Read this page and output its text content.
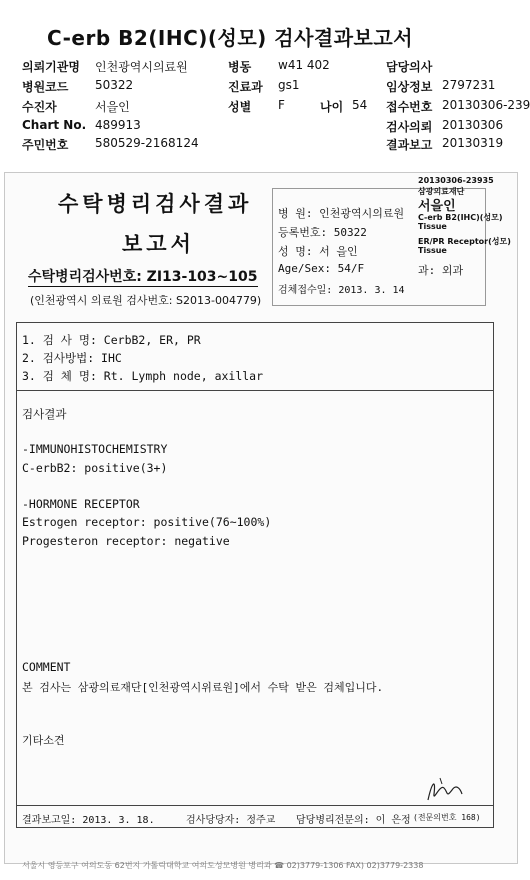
C-erb B2(IHC)(성모) 검사결과보고서
의뢰기관명 인천광역시의료원	병동 w41 402	담당의사
병원코드 50322	진료과 gs1	임상정보 2797231
수진자	서을인	성별 F	나이 54 접수번호 20130306-239
Chart No. 489913	검사의뢰 20130306
주민번호 580529-2168124	결과보고 20130319
수탁병리검사결과
보고서
수탁병리검사번호: ZI13-103~105
(인천광역시 의료원 검사번호: S2013-004779)
병 원: 인천광역시의료원
등록번호: 50322
성 명: 서 을인
Age/Sex: 54/F	과: 외과
검체접수일: 2013. 3. 14
20130306-23935
삼광의료재단
서을인
C-erb B2(IHC)(성모)
Tissue
ER/PR Receptor(성모)
Tissue
1. 검 사 명: CerbB2, ER, PR
2. 검사방법: IHC
3. 검 체 명: Rt. Lymph node, axillar
검사결과
-IMMUNOHISTOCHEMISTRY
C-erbB2: positive(3+)
-HORMONE RECEPTOR
Estrogen receptor: positive(76~100%)
Progesteron receptor: negative
COMMENT
본 검사는 삼광의료재단[인천광역시위료원]에서 수탁 받은 검체입니다.
기타소견
결과보고일: 2013. 3. 18.	검사당당자: 정주교 담당병리전문의: 이 은정 (전문의번호 168)
서울시 영등포구 여의도동 62번지 가톨릭대학교 여의도성모병원 병리과 ☎ 02)3779-1306 FAX) 02)3779-2338
